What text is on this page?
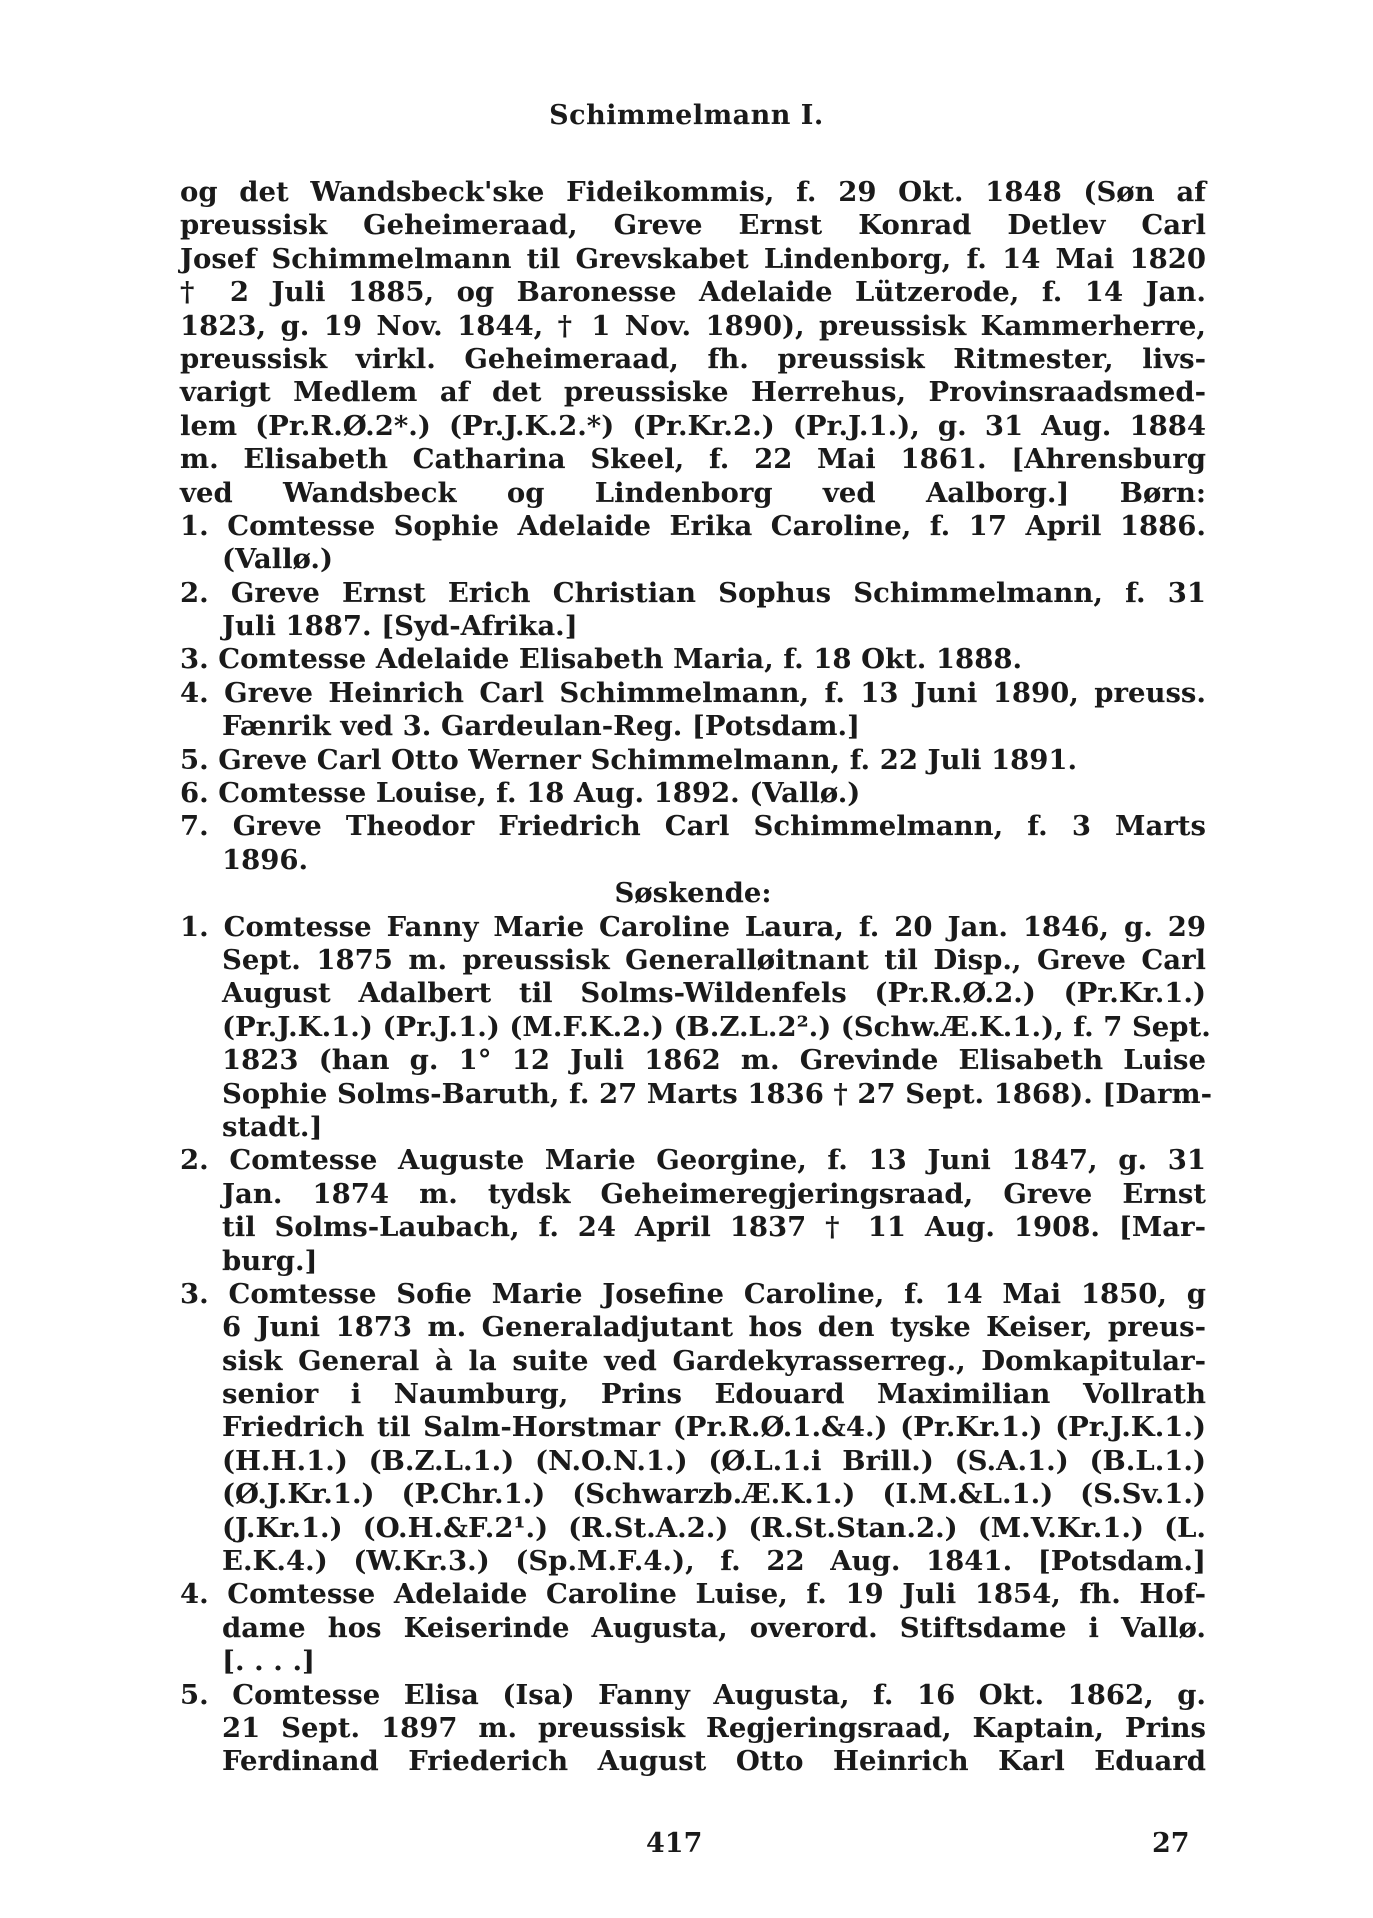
Schimmelmann I.
og det Wandsbeck'ske Fideikommis, f. 29 Okt. 1848 (Søn af
preussisk Geheimeraad, Greve Ernst Konrad Detlev Carl
Josef Schimmelmann til Grevskabet Lindenborg, f. 14 Mai 1820
† 2 Juli 1885, og Baronesse Adelaide Lützerode, f. 14 Jan.
1823, g. 19 Nov. 1844, † 1 Nov. 1890), preussisk Kammerherre,
preussisk virkl. Geheimeraad, fh. preussisk Ritmester, livs-
varigt Medlem af det preussiske Herrehus, Provinsraadsmed-
lem (Pr.R.Ø.2*.) (Pr.J.K.2.*) (Pr.Kr.2.) (Pr.J.1.), g. 31 Aug. 1884
m. Elisabeth Catharina Skeel, f. 22 Mai 1861. [Ahrensburg
ved Wandsbeck og Lindenborg ved Aalborg.] Børn:
1. Comtesse Sophie Adelaide Erika Caroline, f. 17 April 1886.
(Vallø.)
2. Greve Ernst Erich Christian Sophus Schimmelmann, f. 31
Juli 1887. [Syd-Afrika.]
3. Comtesse Adelaide Elisabeth Maria, f. 18 Okt. 1888.
4. Greve Heinrich Carl Schimmelmann, f. 13 Juni 1890, preuss.
Fænrik ved 3. Gardeulan-Reg. [Potsdam.]
5. Greve Carl Otto Werner Schimmelmann, f. 22 Juli 1891.
6. Comtesse Louise, f. 18 Aug. 1892. (Vallø.)
7. Greve Theodor Friedrich Carl Schimmelmann, f. 3 Marts
1896.
Søskende:
1. Comtesse Fanny Marie Caroline Laura, f. 20 Jan. 1846, g. 29
Sept. 1875 m. preussisk Generalløitnant til Disp., Greve Carl
August Adalbert til Solms-Wildenfels (Pr.R.Ø.2.) (Pr.Kr.1.)
(Pr.J.K.1.) (Pr.J.1.) (M.F.K.2.) (B.Z.L.2².) (Schw.Æ.K.1.), f. 7 Sept.
1823 (han g. 1° 12 Juli 1862 m. Grevinde Elisabeth Luise
Sophie Solms-Baruth, f. 27 Marts 1836 † 27 Sept. 1868). [Darm-
stadt.]
2. Comtesse Auguste Marie Georgine, f. 13 Juni 1847, g. 31
Jan. 1874 m. tydsk Geheimeregjeringsraad, Greve Ernst
til Solms-Laubach, f. 24 April 1837 † 11 Aug. 1908. [Mar-
burg.]
3. Comtesse Sofie Marie Josefine Caroline, f. 14 Mai 1850, g
6 Juni 1873 m. Generaladjutant hos den tyske Keiser, preus-
sisk General à la suite ved Gardekyrasserreg., Domkapitular-
senior i Naumburg, Prins Edouard Maximilian Vollrath
Friedrich til Salm-Horstmar (Pr.R.Ø.1.&4.) (Pr.Kr.1.) (Pr.J.K.1.)
(H.H.1.) (B.Z.L.1.) (N.O.N.1.) (Ø.L.1.i Brill.) (S.A.1.) (B.L.1.)
(Ø.J.Kr.1.) (P.Chr.1.) (Schwarzb.Æ.K.1.) (I.M.&L.1.) (S.Sv.1.)
(J.Kr.1.) (O.H.&F.2¹.) (R.St.A.2.) (R.St.Stan.2.) (M.V.Kr.1.) (L.
E.K.4.) (W.Kr.3.) (Sp.M.F.4.), f. 22 Aug. 1841. [Potsdam.]
4. Comtesse Adelaide Caroline Luise, f. 19 Juli 1854, fh. Hof-
dame hos Keiserinde Augusta, overord. Stiftsdame i Vallø.
[. . . .]
5. Comtesse Elisa (Isa) Fanny Augusta, f. 16 Okt. 1862, g.
21 Sept. 1897 m. preussisk Regjeringsraad, Kaptain, Prins
Ferdinand Friederich August Otto Heinrich Karl Eduard
417	27
